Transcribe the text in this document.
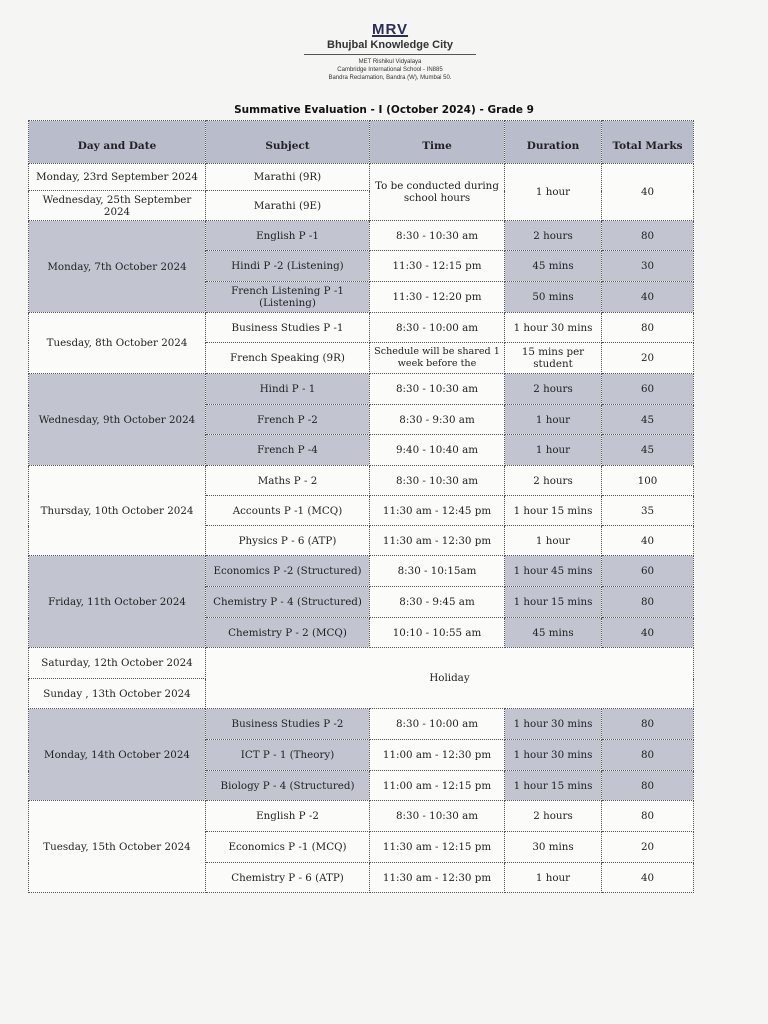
MRV
Bhujbal Knowledge City
MET Rishikul Vidyalaya
Cambridge International School - IN885
Bandra Reclamation, Bandra (W), Mumbai 50.
Summative Evaluation - I (October 2024) - Grade 9
Day and Date	Subject	Time	Duration	Total Marks
Monday, 23rd September 2024	Marathi (9R)	To be conducted during school hours	1 hour	40
Wednesday, 25th September 2024	Marathi (9E)			
Monday, 7th October 2024	English P -1	8:30 - 10:30 am	2 hours	80
	Hindi P -2 (Listening)	11:30 - 12:15 pm	45 mins	30
	French Listening P -1 (Listening)	11:30 - 12:20 pm	50 mins	40
Tuesday, 8th October 2024	Business Studies P -1	8:30 - 10:00 am	1 hour 30 mins	80
	French Speaking (9R)	Schedule will be shared 1 week before the	15 mins per student	20
Wednesday, 9th October 2024	Hindi P - 1	8:30 - 10:30 am	2 hours	60
	French P -2	8:30 - 9:30 am	1 hour	45
	French P -4	9:40 - 10:40 am	1 hour	45
Thursday, 10th October 2024	Maths P - 2	8:30 - 10:30 am	2 hours	100
	Accounts P -1 (MCQ)	11:30 am - 12:45 pm	1 hour 15 mins	35
	Physics P - 6 (ATP)	11:30 am - 12:30 pm	1 hour	40
Friday, 11th October 2024	Economics P -2 (Structured)	8:30 - 10:15am	1 hour 45 mins	60
	Chemistry P - 4 (Structured)	8:30 - 9:45 am	1 hour 15 mins	80
	Chemistry P - 2 (MCQ)	10:10 - 10:55 am	45 mins	40
Saturday, 12th October 2024	Holiday			
Sunday , 13th October 2024				
Monday, 14th October 2024	Business Studies P -2	8:30 - 10:00 am	1 hour 30 mins	80
	ICT P - 1 (Theory)	11:00 am - 12:30 pm	1 hour 30 mins	80
	Biology P - 4 (Structured)	11:00 am - 12:15 pm	1 hour 15 mins	80
Tuesday, 15th October 2024	English P -2	8:30 - 10:30 am	2 hours	80
	Economics P -1 (MCQ)	11:30 am - 12:15 pm	30 mins	20
	Chemistry P - 6 (ATP)	11:30 am - 12:30 pm	1 hour	40
